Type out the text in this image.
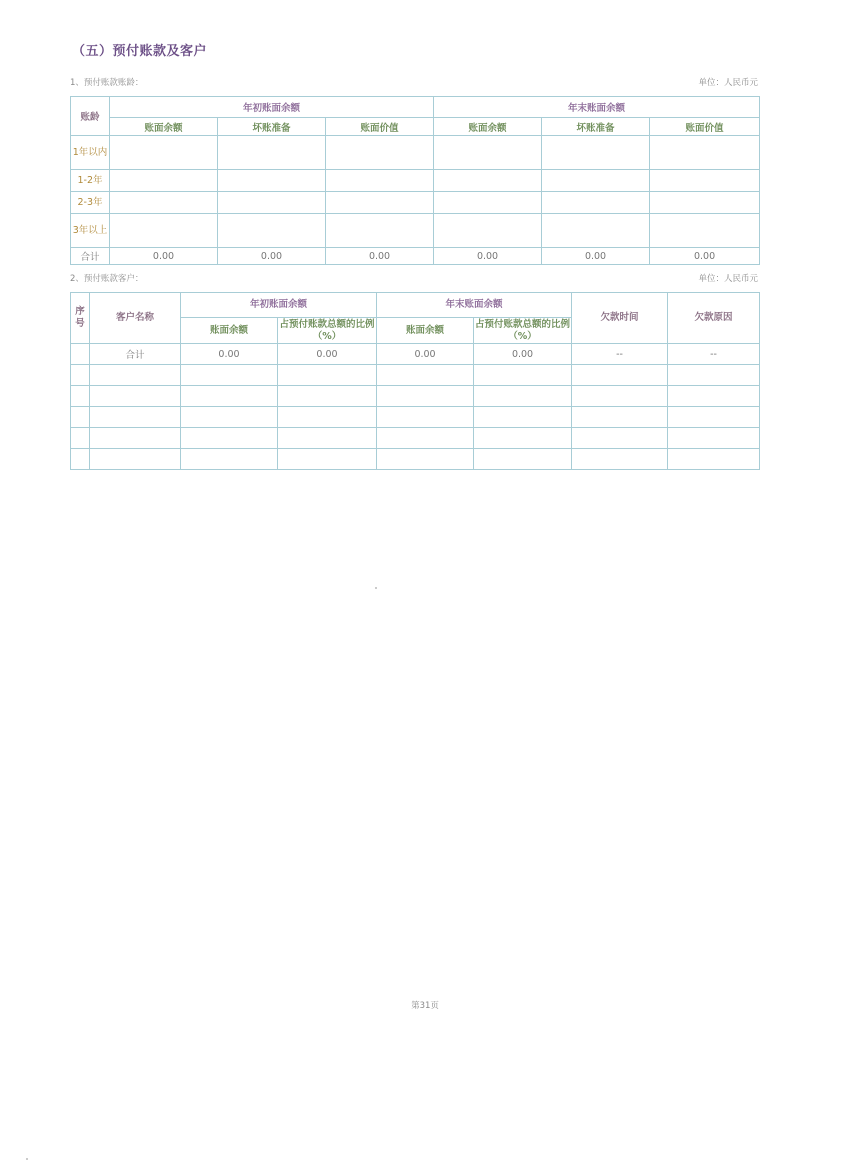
（五）预付账款及客户
1、预付账款账龄：	单位：人民币元
账龄	年初账面余额			年末账面余额		
	账面余额	坏账准备	账面价值	账面余额	坏账准备	账面价值
1年以内						
1-2年						
2-3年						
3年以上						
合计	0.00	0.00	0.00	0.00	0.00	0.00
2、预付账款客户：	单位：人民币元
序号	客户名称	年初账面余额		年末账面余额		欠款时间	欠款原因
		账面余额	占预付账款总额的比例（%）	账面余额	占预付账款总额的比例（%）		
	合计	0.00	0.00	0.00	0.00	--	--

第31页
